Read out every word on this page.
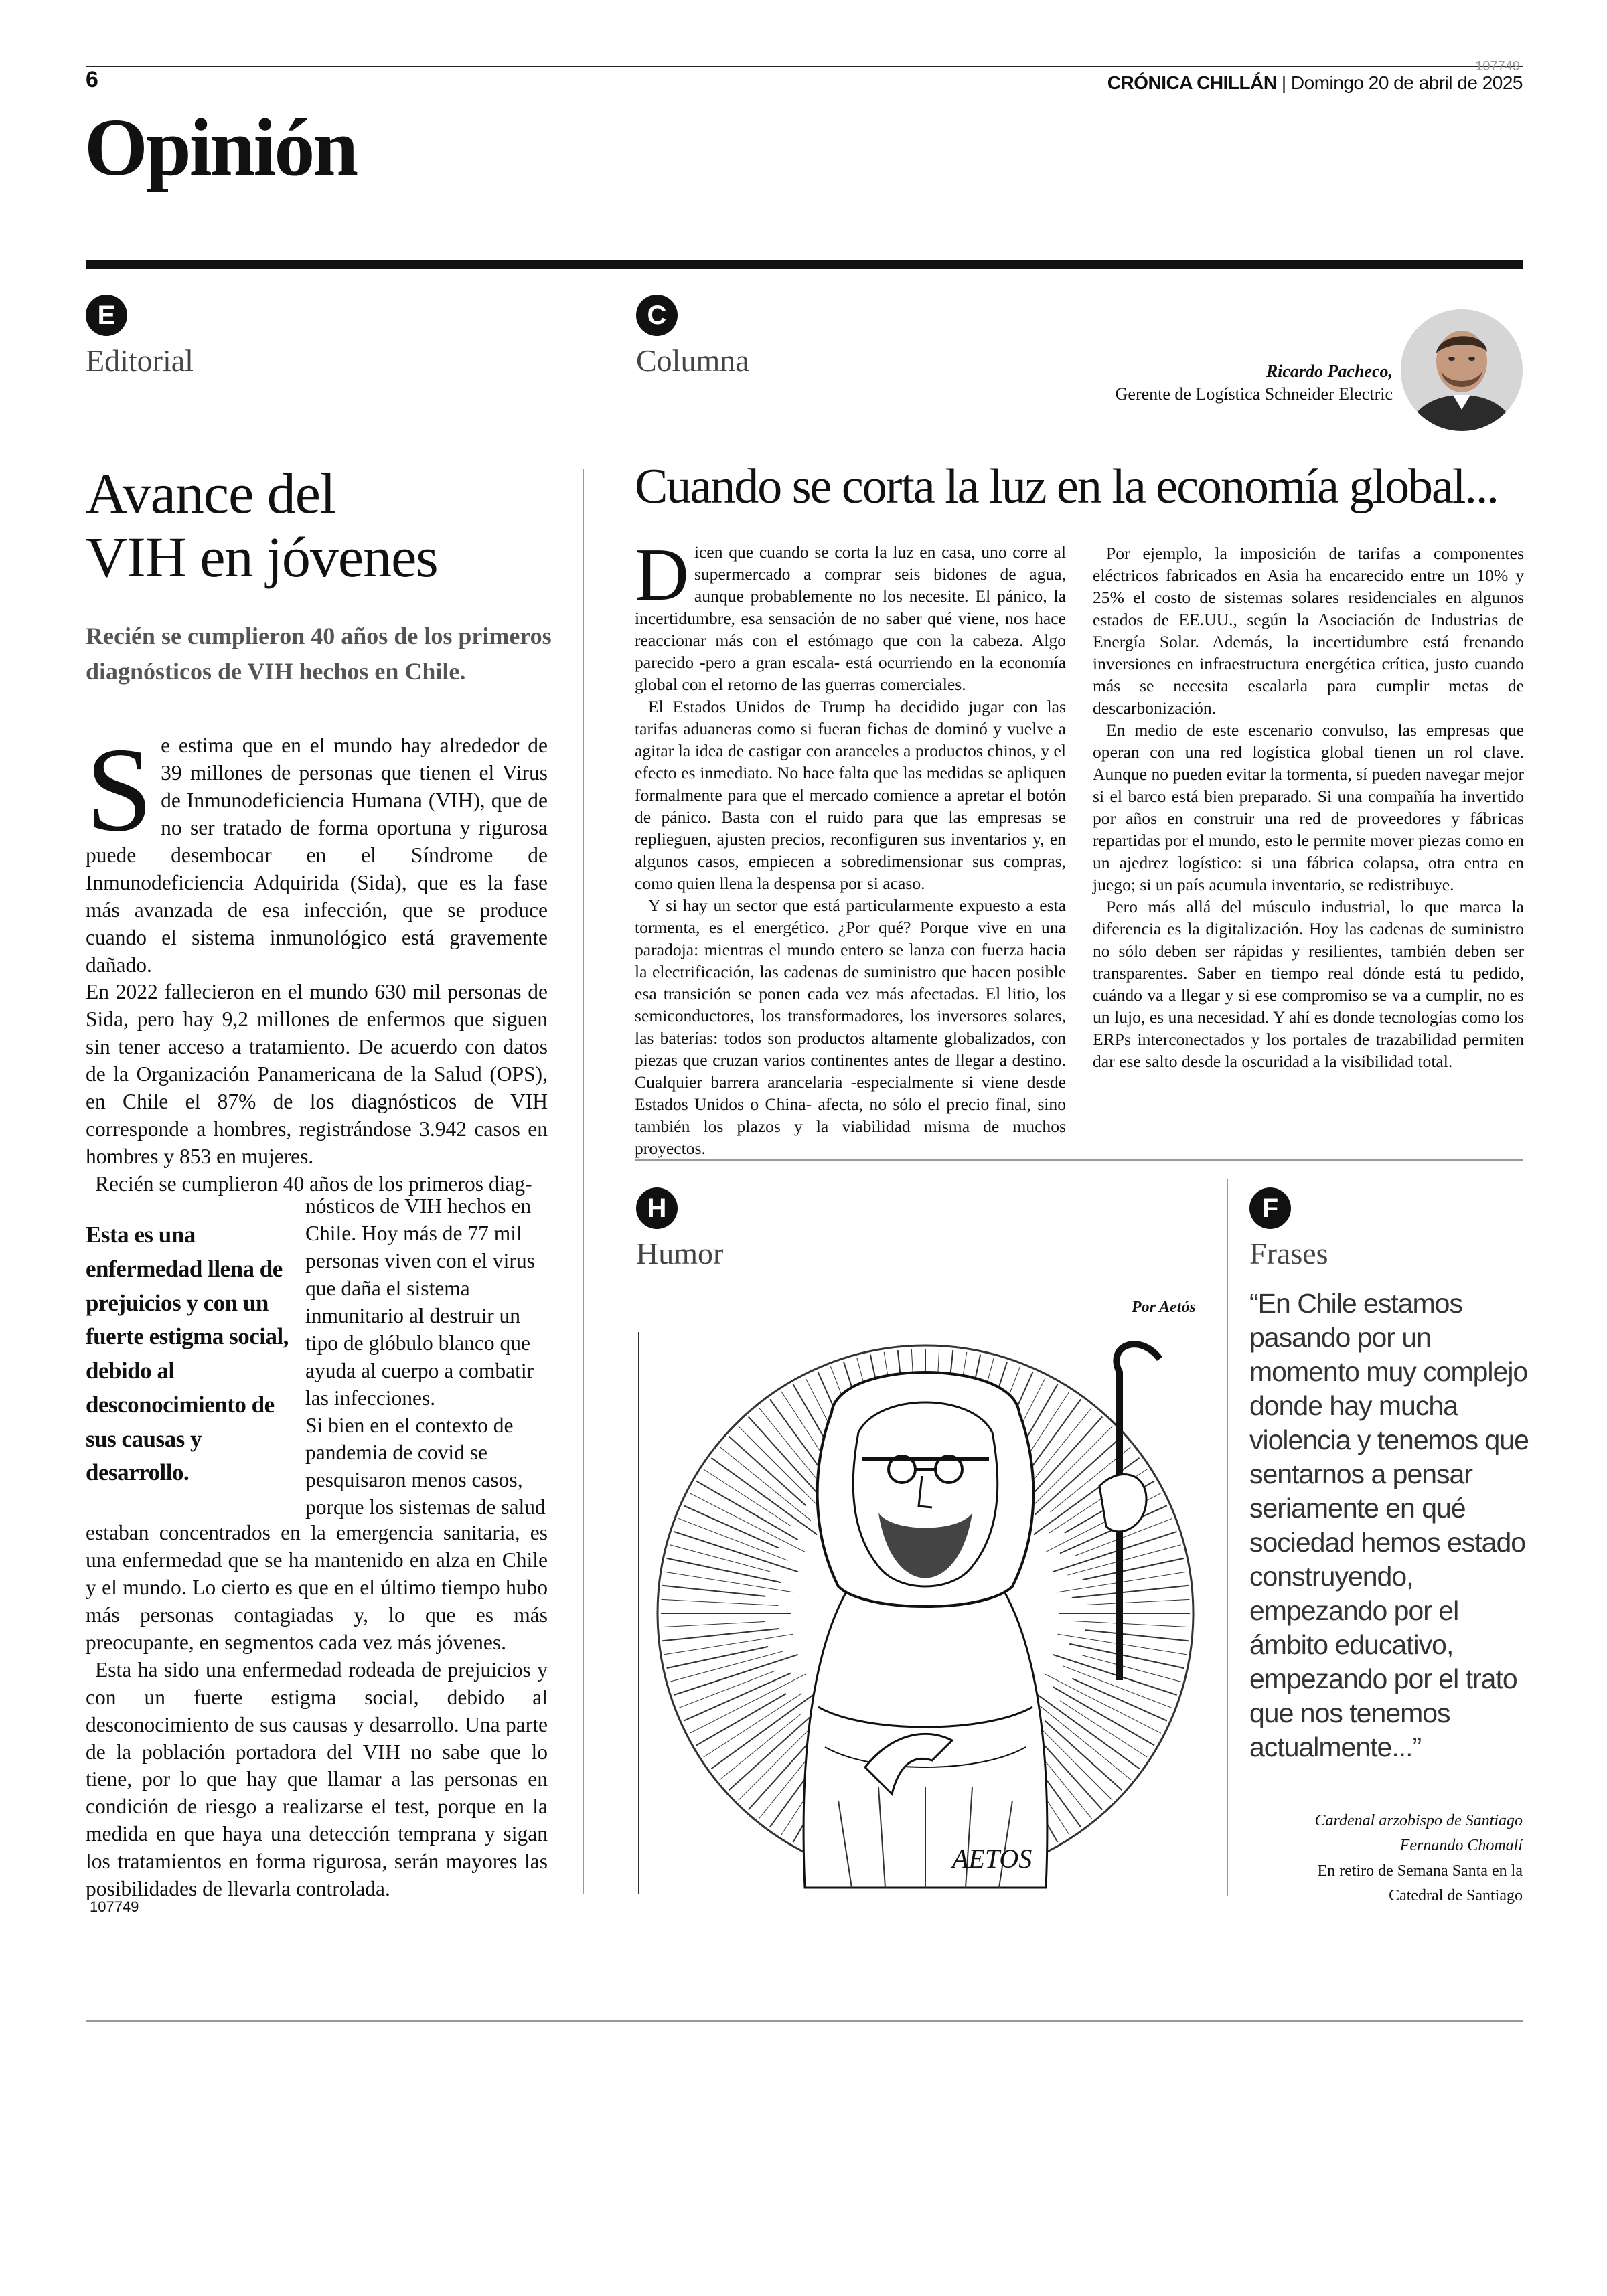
6
107749
CRÓNICA CHILLÁN | Domingo 20 de abril de 2025
Opinión
E
Editorial
C
Columna	Ricardo Pacheco,
Gerente de Logística Schneider Electric
Avance del
VIH en jóvenes
Recién se cumplieron 40 años de los primeros diagnósticos de VIH hechos en Chile.

Se estima que en el mundo hay alrededor de 39 millones de personas que tienen el Virus de Inmunodeficiencia Humana (VIH), que de no ser tratado de forma oportuna y rigurosa puede desembocar en el Síndrome de Inmunodeficiencia Adquirida (Sida), que es la fase más avanzada de esa infección, que se produce cuando el sistema inmunológico está gravemente dañado.

En 2022 fallecieron en el mundo 630 mil personas de Sida, pero hay 9,2 millones de enfermos que siguen sin tener acceso a tratamiento. De acuerdo con datos de la Organización Panamericana de la Salud (OPS), en Chile el 87% de los diagnósticos de VIH corresponde a hombres, registrándose 3.942 casos en hombres y 853 en mujeres.

Recién se cumplieron 40 años de los primeros diag-

Esta es una enfermedad llena de prejuicios y con un fuerte estigma social, debido al desconocimiento de sus causas y desarrollo.

nósticos de VIH hechos en Chile. Hoy más de 77 mil personas viven con el virus que daña el sistema inmunitario al destruir un tipo de glóbulo blanco que ayuda al cuerpo a combatir las infecciones.

Si bien en el contexto de pandemia de covid se pesquisaron menos casos, porque los sistemas de salud

estaban concentrados en la emergencia sanitaria, es una enfermedad que se ha mantenido en alza en Chile y el mundo. Lo cierto es que en el último tiempo hubo más personas contagiadas y, lo que es más preocupante, en segmentos cada vez más jóvenes.

Esta ha sido una enfermedad rodeada de prejuicios y con un fuerte estigma social, debido al desconocimiento de sus causas y desarrollo. Una parte de la población portadora del VIH no sabe que lo tiene, por lo que hay que llamar a las personas en condición de riesgo a realizarse el test, porque en la medida en que haya una detección temprana y sigan los tratamientos en forma rigurosa, serán mayores las posibilidades de llevarla controlada.

107749
Cuando se corta la luz en la economía global...

Dicen que cuando se corta la luz en casa, uno corre al supermercado a comprar seis bidones de agua, aunque probablemente no los necesite. El pánico, la incertidumbre, esa sensación de no saber qué viene, nos hace reaccionar más con el estómago que con la cabeza. Algo parecido -pero a gran escala- está ocurriendo en la economía global con el retorno de las guerras comerciales.

El Estados Unidos de Trump ha decidido jugar con las tarifas aduaneras como si fueran fichas de dominó y vuelve a agitar la idea de castigar con aranceles a productos chinos, y el efecto es inmediato. No hace falta que las medidas se apliquen formalmente para que el mercado comience a apretar el botón de pánico. Basta con el ruido para que las empresas se replieguen, ajusten precios, reconfiguren sus inventarios y, en algunos casos, empiecen a sobredimensionar sus compras, como quien llena la despensa por si acaso.

Y si hay un sector que está particularmente expuesto a esta tormenta, es el energético. ¿Por qué? Porque vive en una paradoja: mientras el mundo entero se lanza con fuerza hacia la electrificación, las cadenas de suministro que hacen posible esa transición se ponen cada vez más afectadas. El litio, los semiconductores, los transformadores, los inversores solares, las baterías: todos son productos altamente globalizados, con piezas que cruzan varios continentes antes de llegar a destino. Cualquier barrera arancelaria -especialmente si viene desde Estados Unidos o China- afecta, no sólo el precio final, sino también los plazos y la viabilidad misma de muchos proyectos.

Por ejemplo, la imposición de tarifas a componentes eléctricos fabricados en Asia ha encarecido entre un 10% y 25% el costo de sistemas solares residenciales en algunos estados de EE.UU., según la Asociación de Industrias de Energía Solar. Además, la incertidumbre está frenando inversiones en infraestructura energética crítica, justo cuando más se necesita escalarla para cumplir metas de descarbonización.

En medio de este escenario convulso, las empresas que operan con una red logística global tienen un rol clave. Aunque no pueden evitar la tormenta, sí pueden navegar mejor si el barco está bien preparado. Si una compañía ha invertido por años en construir una red de proveedores y fábricas repartidas por el mundo, esto le permite mover piezas como en un ajedrez logístico: si una fábrica colapsa, otra entra en juego; si un país acumula inventario, se redistribuye.

Pero más allá del músculo industrial, lo que marca la diferencia es la digitalización. Hoy las cadenas de suministro no sólo deben ser rápidas y resilientes, también deben ser transparentes. Saber en tiempo real dónde está tu pedido, cuándo va a llegar y si ese compromiso se va a cumplir, no es un lujo, es una necesidad. Y ahí es donde tecnologías como los ERPs interconectados y los portales de trazabilidad permiten dar ese salto desde la oscuridad a la visibilidad total.

H
Humor
Por Aetós
AETOS
F
Frases
“En Chile estamos pasando por un momento muy complejo donde hay mucha violencia y tenemos que sentarnos a pensar seriamente en qué sociedad hemos estado construyendo, empezando por el ámbito educativo, empezando por el trato que nos tenemos actualmente...”
Cardenal arzobispo de Santiago
Fernando Chomalí
En retiro de Semana Santa en la Catedral de Santiago
